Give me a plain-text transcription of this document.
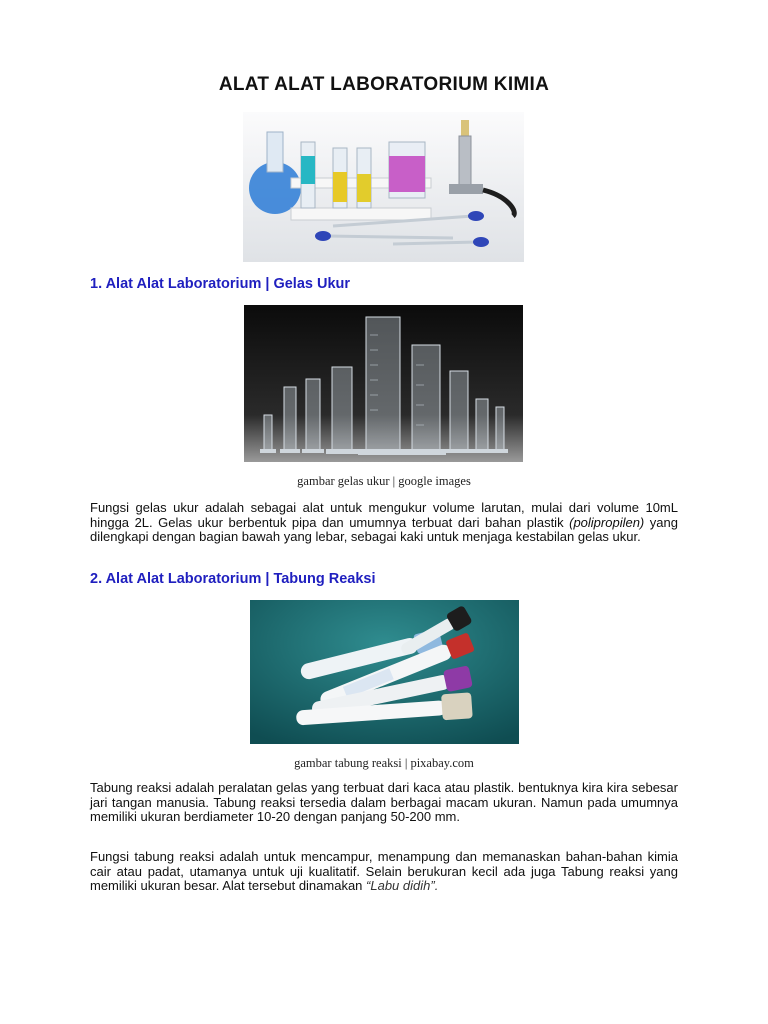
ALAT ALAT LABORATORIUM KIMIA
1. Alat Alat Laboratorium | Gelas Ukur

gambar gelas ukur | google images

Fungsi gelas ukur adalah sebagai alat untuk mengukur volume larutan, mulai dari volume 10mL hingga 2L. Gelas ukur berbentuk pipa dan umumnya terbuat dari bahan plastik (polipropilen) yang dilengkapi dengan bagian bawah yang lebar, sebagai kaki untuk menjaga kestabilan gelas ukur.

2. Alat Alat Laboratorium | Tabung Reaksi

gambar tabung reaksi | pixabay.com

Tabung reaksi adalah peralatan gelas yang terbuat dari kaca atau plastik. bentuknya kira kira sebesar jari tangan manusia. Tabung reaksi tersedia dalam berbagai macam ukuran. Namun pada umumnya memiliki ukuran berdiameter 10-20 dengan panjang 50-200 mm.

Fungsi tabung reaksi adalah untuk mencampur, menampung dan memanaskan bahan-bahan kimia cair atau padat, utamanya untuk uji kualitatif. Selain berukuran kecil ada juga Tabung reaksi yang memiliki ukuran besar. Alat tersebut dinamakan “Labu didih”.
